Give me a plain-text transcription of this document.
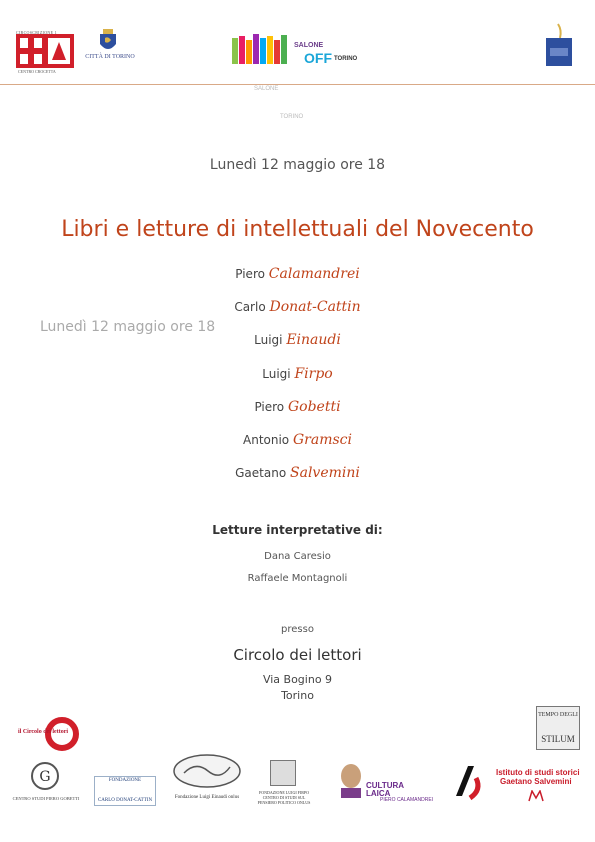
CIRCOSCRIZIONE 1
CENTRO CROCETTA
CITTÀ DI TORINO
SALONE
OFF TORINO
SALONE
TORINO
Lunedì 12 maggio ore 18
Lunedì 12 maggio ore 18
Libri e letture di intellettuali del Novecento
Piero Calamandrei
Carlo Donat-Cattin
Luigi Einaudi
Luigi Firpo
Piero Gobetti
Antonio Gramsci
Gaetano Salvemini
Letture interpretative di:
Dana Caresio
Raffaele Montagnoli
presso
Circolo dei lettori
Via Bogino 9
Torino
il Circolo dei lettori
TEMPO DEGLI
STILUM
G
CENTRO STUDI PIERO GOBETTI
FONDAZIONE
CARLO DONAT-CATTIN
Fondazione Luigi Einaudi onlus
FONDAZIONE LUIGI FIRPO CENTRO DI STUDI SUL PENSIERO POLITICO ONLUS
CULTURA
LAICA
PIERO CALAMANDREI
Istituto di studi storici
Gaetano Salvemini
